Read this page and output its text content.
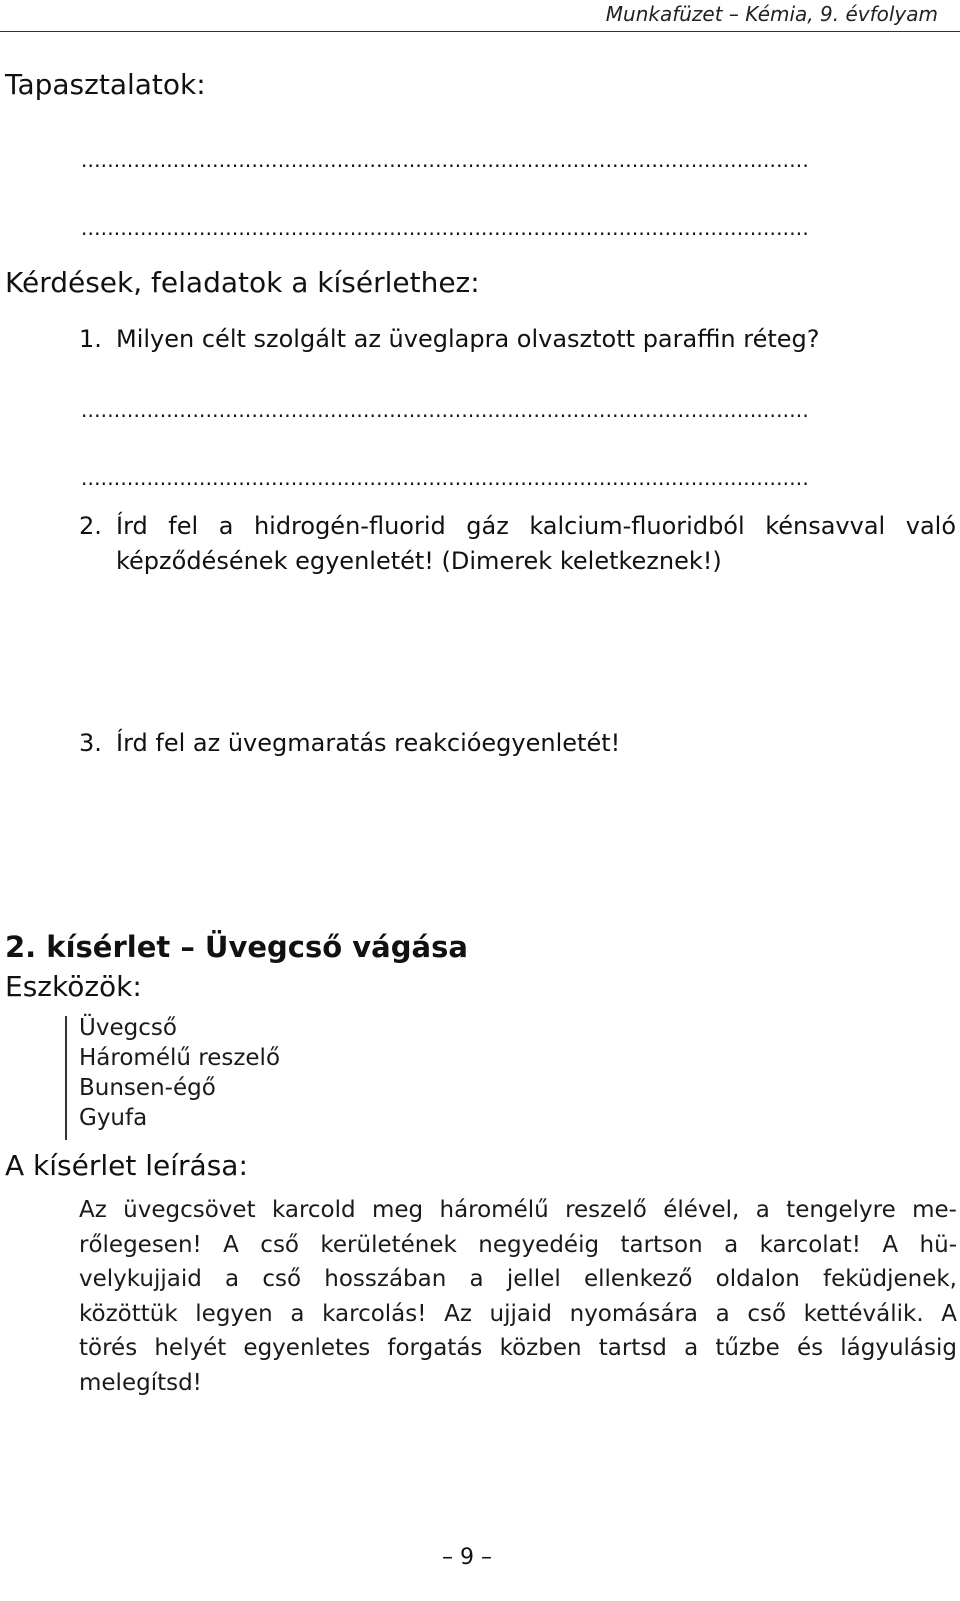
Munkafüzet – Kémia, 9. évfolyam
Tapasztalatok:
...............................................................................................................
...............................................................................................................
Kérdések, feladatok a kísérlethez:
1. Milyen célt szolgált az üveglapra olvasztott paraffin réteg?
...............................................................................................................
...............................................................................................................
2. Írd fel a hidrogén-fluorid gáz kalcium-fluoridból kénsavval való
képződésének egyenletét! (Dimerek keletkeznek!)
3. Írd fel az üvegmaratás reakcióegyenletét!
2. kísérlet – Üvegcső vágása
Eszközök:
Üvegcső
Háromélű reszelő
Bunsen-égő
Gyufa
A kísérlet leírása:
Az üvegcsövet karcold meg háromélű reszelő élével, a tengelyre me-
rőlegesen! A cső kerületének negyedéig tartson a karcolat! A hü-
velykujjaid a cső hosszában a jellel ellenkező oldalon feküdjenek,
közöttük legyen a karcolás! Az ujjaid nyomására a cső kettéválik. A
törés helyét egyenletes forgatás közben tartsd a tűzbe és lágyulásig
melegítsd!
– 9 –
